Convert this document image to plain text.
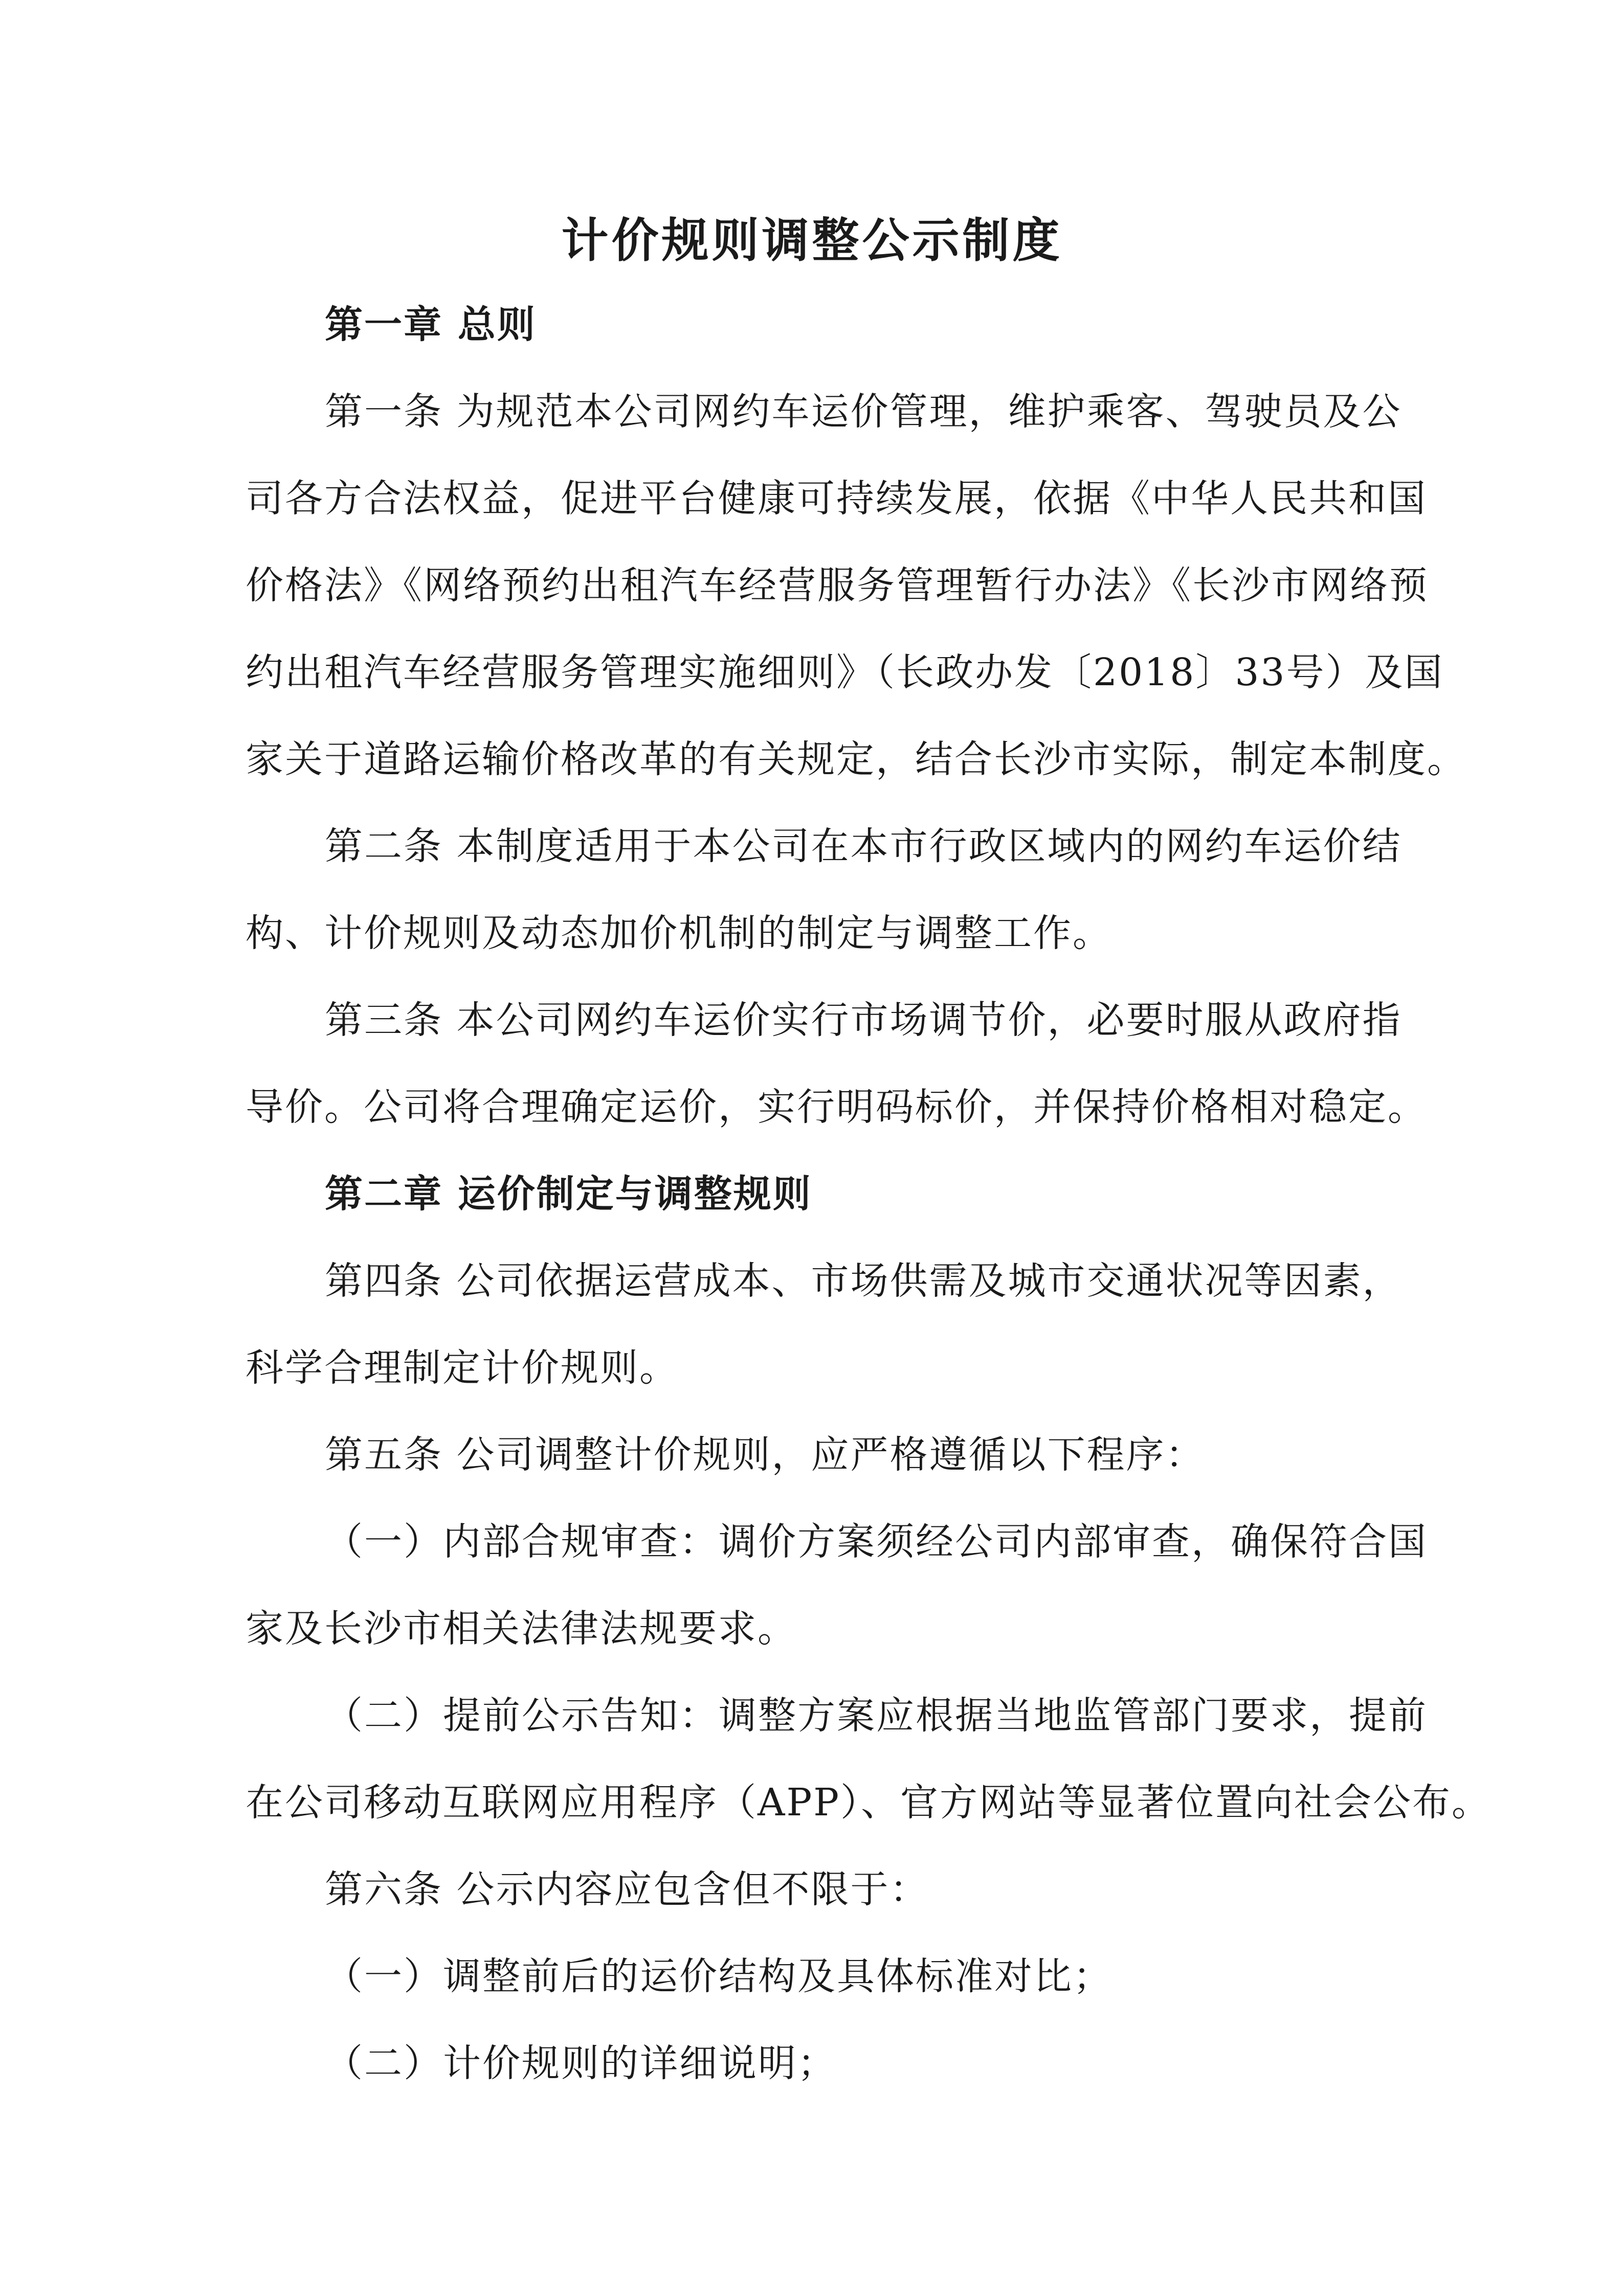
计价规则调整公示制度
第一章 总则
第一条 为规范本公司网约车运价管理，维护乘客、驾驶员及公
司各方合法权益，促进平台健康可持续发展，依据《中华人民共和国
价格法》《网络预约出租汽车经营服务管理暂行办法》《长沙市网络预
约出租汽车经营服务管理实施细则》（长政办发〔2018〕33号）及国
家关于道路运输价格改革的有关规定，结合长沙市实际，制定本制度。
第二条 本制度适用于本公司在本市行政区域内的网约车运价结
构、计价规则及动态加价机制的制定与调整工作。
第三条 本公司网约车运价实行市场调节价，必要时服从政府指
导价。公司将合理确定运价，实行明码标价，并保持价格相对稳定。
第二章 运价制定与调整规则
第四条 公司依据运营成本、市场供需及城市交通状况等因素，
科学合理制定计价规则。
第五条 公司调整计价规则，应严格遵循以下程序：
（一）内部合规审查：调价方案须经公司内部审查，确保符合国
家及长沙市相关法律法规要求。
（二）提前公示告知：调整方案应根据当地监管部门要求，提前
在公司移动互联网应用程序（APP）、官方网站等显著位置向社会公布。
第六条 公示内容应包含但不限于：
（一）调整前后的运价结构及具体标准对比；
（二）计价规则的详细说明；
